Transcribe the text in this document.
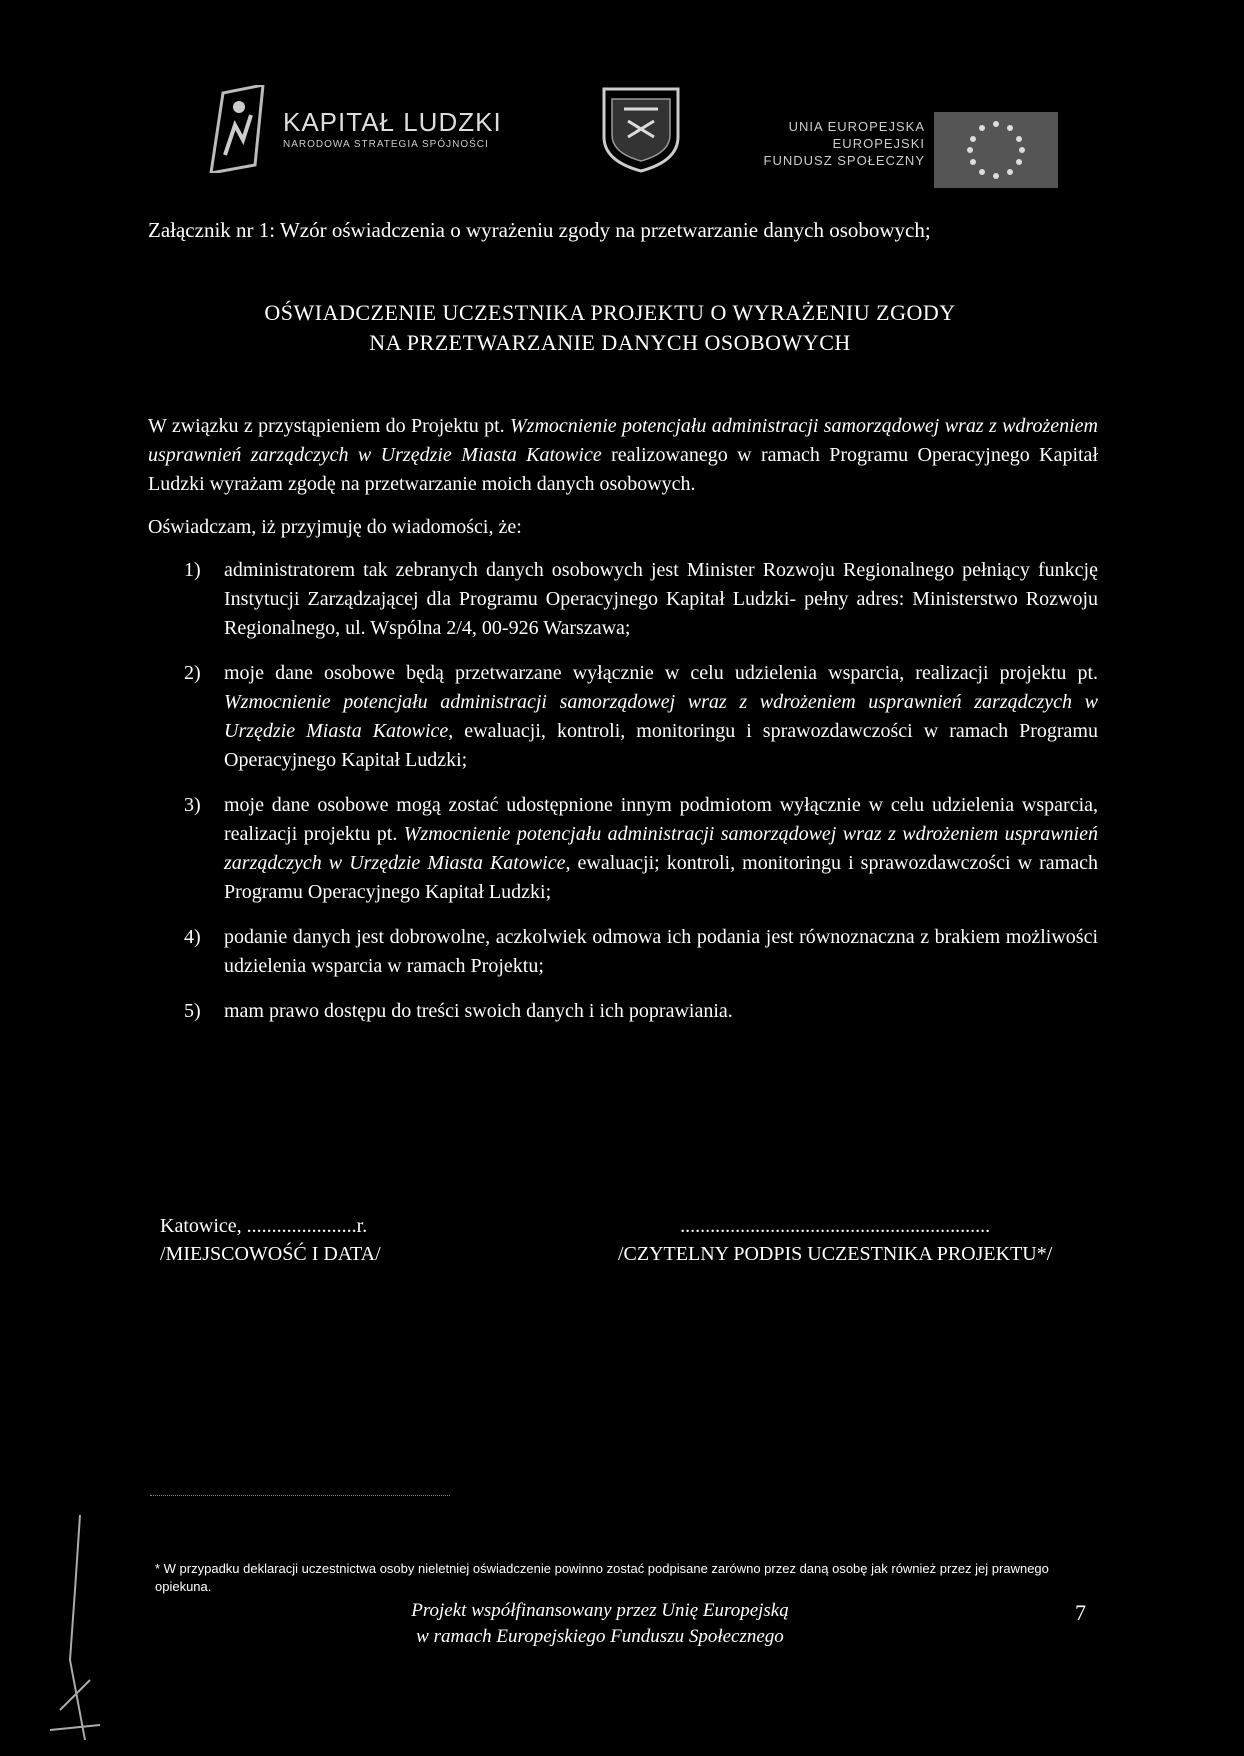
KAPITAŁ LUDZKI
NARODOWA STRATEGIA SPÓJNOŚCI
UNIA EUROPEJSKA
EUROPEJSKI
FUNDUSZ SPOŁECZNY
Załącznik nr 1: Wzór oświadczenia o wyrażeniu zgody na przetwarzanie danych osobowych;
OŚWIADCZENIE UCZESTNIKA PROJEKTU O WYRAŻENIU ZGODY
NA PRZETWARZANIE DANYCH OSOBOWYCH

W związku z przystąpieniem do Projektu pt. Wzmocnienie potencjału administracji samorządowej wraz z wdrożeniem usprawnień zarządczych w Urzędzie Miasta Katowice realizowanego w ramach Programu Operacyjnego Kapitał Ludzki wyrażam zgodę na przetwarzanie moich danych osobowych.

Oświadczam, iż przyjmuję do wiadomości, że:

1) administratorem tak zebranych danych osobowych jest Minister Rozwoju Regionalnego pełniący funkcję Instytucji Zarządzającej dla Programu Operacyjnego Kapitał Ludzki- pełny adres: Ministerstwo Rozwoju Regionalnego, ul. Wspólna 2/4, 00-926 Warszawa;
2) moje dane osobowe będą przetwarzane wyłącznie w celu udzielenia wsparcia, realizacji projektu pt. Wzmocnienie potencjału administracji samorządowej wraz z wdrożeniem usprawnień zarządczych w Urzędzie Miasta Katowice, ewaluacji, kontroli, monitoringu i sprawozdawczości w ramach Programu Operacyjnego Kapitał Ludzki;
3) moje dane osobowe mogą zostać udostępnione innym podmiotom wyłącznie w celu udzielenia wsparcia, realizacji projektu pt. Wzmocnienie potencjału administracji samorządowej wraz z wdrożeniem usprawnień zarządczych w Urzędzie Miasta Katowice, ewaluacji; kontroli, monitoringu i sprawozdawczości w ramach Programu Operacyjnego Kapitał Ludzki;
4) podanie danych jest dobrowolne, aczkolwiek odmowa ich podania jest równoznaczna z brakiem możliwości udzielenia wsparcia w ramach Projektu;
5) mam prawo dostępu do treści swoich danych i ich poprawiania.
Katowice, ......................r.
/MIEJSCOWOŚĆ I DATA/
..............................................................
/CZYTELNY PODPIS UCZESTNIKA PROJEKTU*/
* W przypadku deklaracji uczestnictwa osoby nieletniej oświadczenie powinno zostać podpisane zarówno przez daną osobę jak również przez jej prawnego opiekuna.
Projekt współfinansowany przez Unię Europejską
w ramach Europejskiego Funduszu Społecznego
7
